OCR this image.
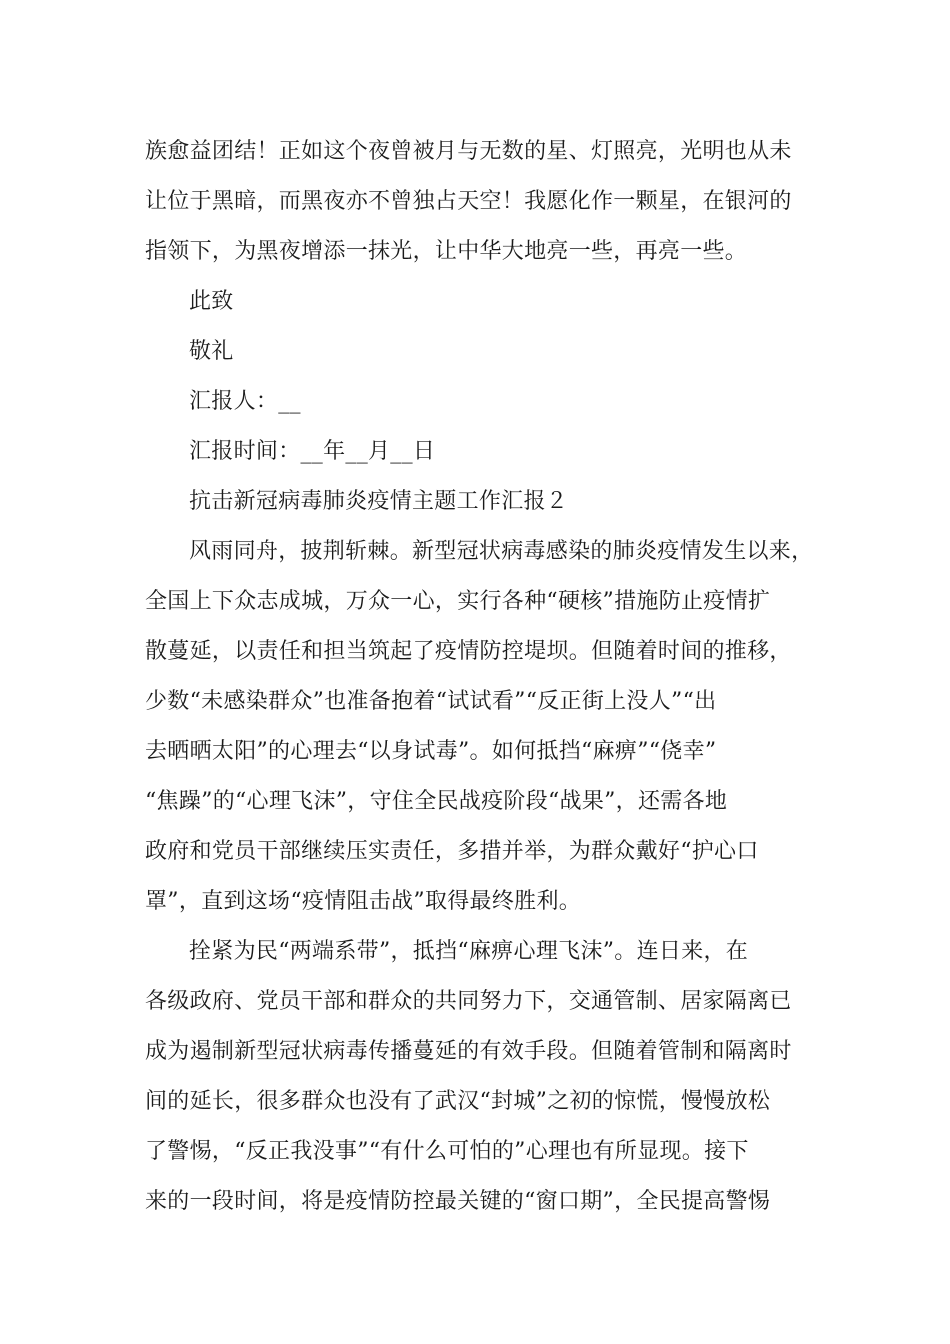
族愈益团结！正如这个夜曾被月与无数的星、灯照亮，光明也从未
让位于黑暗，而黑夜亦不曾独占天空！我愿化作一颗星，在银河的
指领下，为黑夜增添一抹光，让中华大地亮一些，再亮一些。
此致
敬礼
汇报人：__
汇报时间：__年__月__日
抗击新冠病毒肺炎疫情主题工作汇报２
风雨同舟，披荆斩棘。新型冠状病毒感染的肺炎疫情发生以来，
全国上下众志成城，万众一心，实行各种“硬核”措施防止疫情扩
散蔓延，以责任和担当筑起了疫情防控堤坝。但随着时间的推移，
少数“未感染群众”也准备抱着“试试看”“反正街上没人”“出
去晒晒太阳”的心理去“以身试毒”。如何抵挡“麻痹”“侥幸”
“焦躁”的“心理飞沫”，守住全民战疫阶段“战果”，还需各地
政府和党员干部继续压实责任，多措并举，为群众戴好“护心口
罩”，直到这场“疫情阻击战”取得最终胜利。
拴紧为民“两端系带”，抵挡“麻痹心理飞沫”。连日来，在
各级政府、党员干部和群众的共同努力下，交通管制、居家隔离已
成为遏制新型冠状病毒传播蔓延的有效手段。但随着管制和隔离时
间的延长，很多群众也没有了武汉“封城”之初的惊慌，慢慢放松
了警惕，“反正我没事”“有什么可怕的”心理也有所显现。接下
来的一段时间，将是疫情防控最关键的“窗口期”，全民提高警惕
